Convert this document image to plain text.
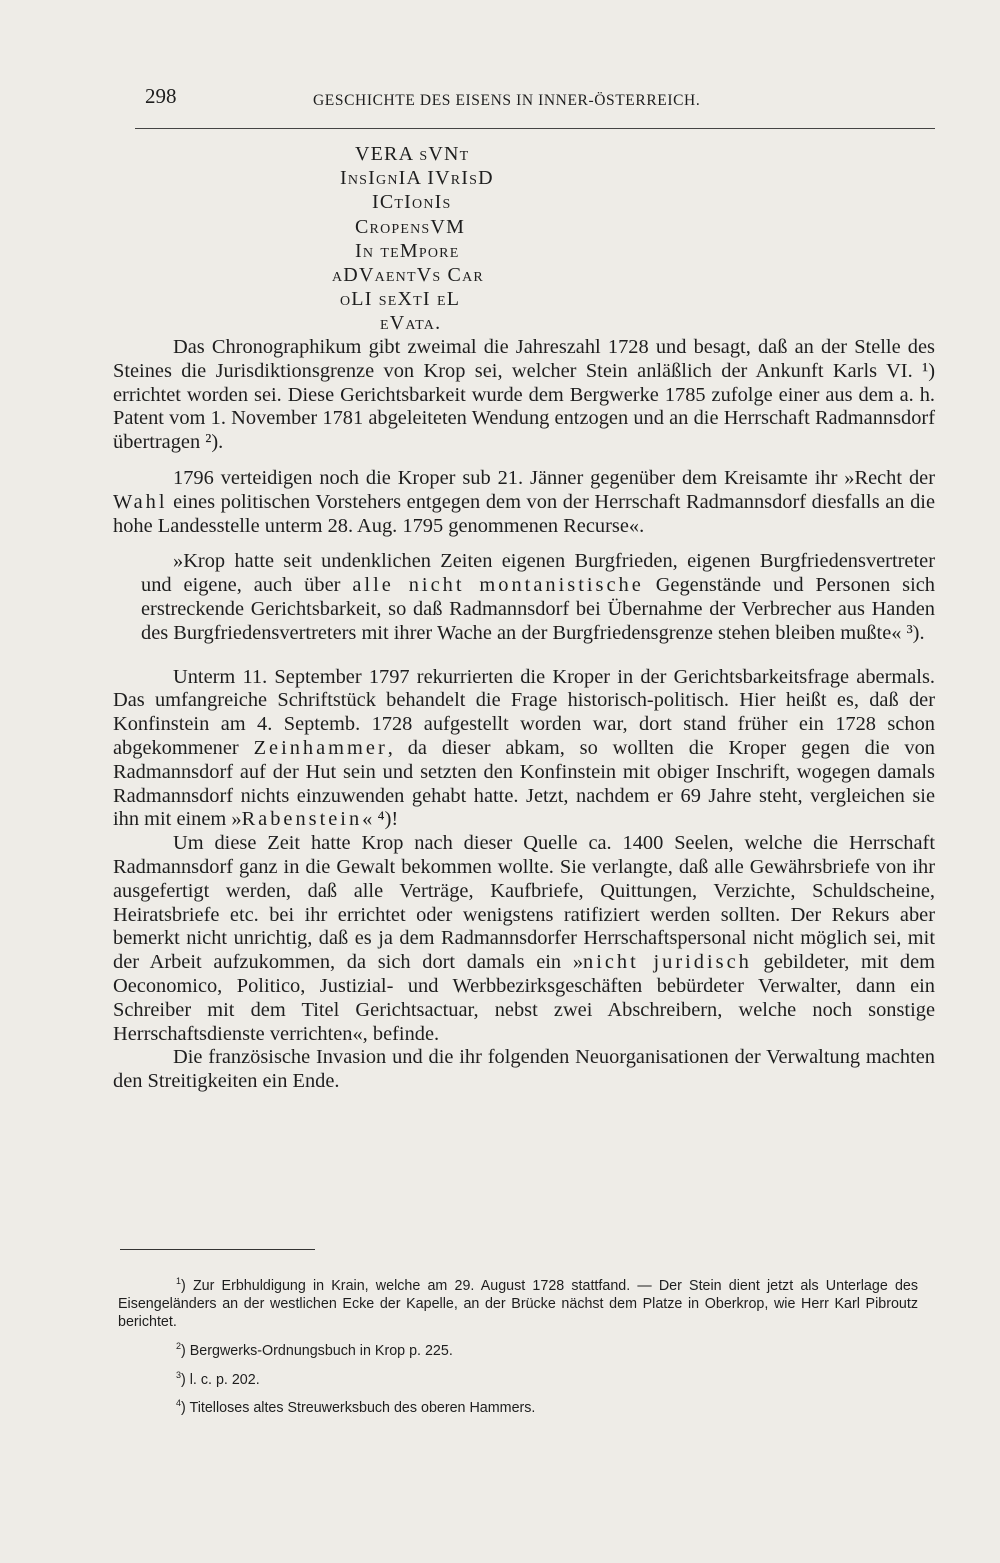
298	GESCHICHTE DES EISENS IN INNER-ÖSTERREICH.
VERA sVNt
InsIgnIA IVrIsD
ICtIonIs
CropensVM
In teMpore
aDVaentVs Car
oLI seXtI eL
eVata.

Das Chronographikum gibt zweimal die Jahreszahl 1728 und besagt, daß an der Stelle des Steines die Jurisdiktionsgrenze von Krop sei, welcher Stein anläßlich der Ankunft Karls VI. ¹) errichtet worden sei. Diese Gerichtsbarkeit wurde dem Bergwerke 1785 zufolge einer aus dem a. h. Patent vom 1. November 1781 abgeleiteten Wendung entzogen und an die Herrschaft Radmannsdorf übertragen ²).

1796 verteidigen noch die Kroper sub 21. Jänner gegenüber dem Kreisamte ihr »Recht der Wahl eines politischen Vorstehers entgegen dem von der Herrschaft Radmannsdorf diesfalls an die hohe Landesstelle unterm 28. Aug. 1795 genommenen Recurse«.

»Krop hatte seit undenklichen Zeiten eigenen Burgfrieden, eigenen Burgfriedensvertreter und eigene, auch über alle nicht montanistische Gegenstände und Personen sich erstreckende Gerichtsbarkeit, so daß Radmannsdorf bei Übernahme der Verbrecher aus Handen des Burgfriedensvertreters mit ihrer Wache an der Burgfriedensgrenze stehen bleiben mußte« ³).

Unterm 11. September 1797 rekurrierten die Kroper in der Gerichtsbarkeitsfrage abermals. Das umfangreiche Schriftstück behandelt die Frage historisch-politisch. Hier heißt es, daß der Konfinstein am 4. Septemb. 1728 aufgestellt worden war, dort stand früher ein 1728 schon abgekommener Zeinhammer, da dieser abkam, so wollten die Kroper gegen die von Radmannsdorf auf der Hut sein und setzten den Konfinstein mit obiger Inschrift, wogegen damals Radmannsdorf nichts einzuwenden gehabt hatte. Jetzt, nachdem er 69 Jahre steht, vergleichen sie ihn mit einem »Rabenstein« ⁴)!

Um diese Zeit hatte Krop nach dieser Quelle ca. 1400 Seelen, welche die Herrschaft Radmannsdorf ganz in die Gewalt bekommen wollte. Sie verlangte, daß alle Gewährsbriefe von ihr ausgefertigt werden, daß alle Verträge, Kaufbriefe, Quittungen, Verzichte, Schuldscheine, Heiratsbriefe etc. bei ihr errichtet oder wenigstens ratifiziert werden sollten. Der Rekurs aber bemerkt nicht unrichtig, daß es ja dem Radmannsdorfer Herrschaftspersonal nicht möglich sei, mit der Arbeit aufzukommen, da sich dort damals ein »nicht juridisch gebildeter, mit dem Oeconomico, Politico, Justizial- und Werbbezirksgeschäften bebürdeter Verwalter, dann ein Schreiber mit dem Titel Gerichtsactuar, nebst zwei Abschreibern, welche noch sonstige Herrschaftsdienste verrichten«, befinde.

Die französische Invasion und die ihr folgenden Neuorganisationen der Verwaltung machten den Streitigkeiten ein Ende.

$^1$) Zur Erbhuldigung in Krain, welche am 29. August 1728 stattfand. — Der Stein dient jetzt als Unterlage des Eisengeländers an der westlichen Ecke der Kapelle, an der Brücke nächst dem Platze in Oberkrop, wie Herr Karl Pibroutz berichtet.

$^2$) Bergwerks-Ordnungsbuch in Krop p. 225.

$^3$) l. c. p. 202.

$^4$) Titelloses altes Streuwerksbuch des oberen Hammers.
